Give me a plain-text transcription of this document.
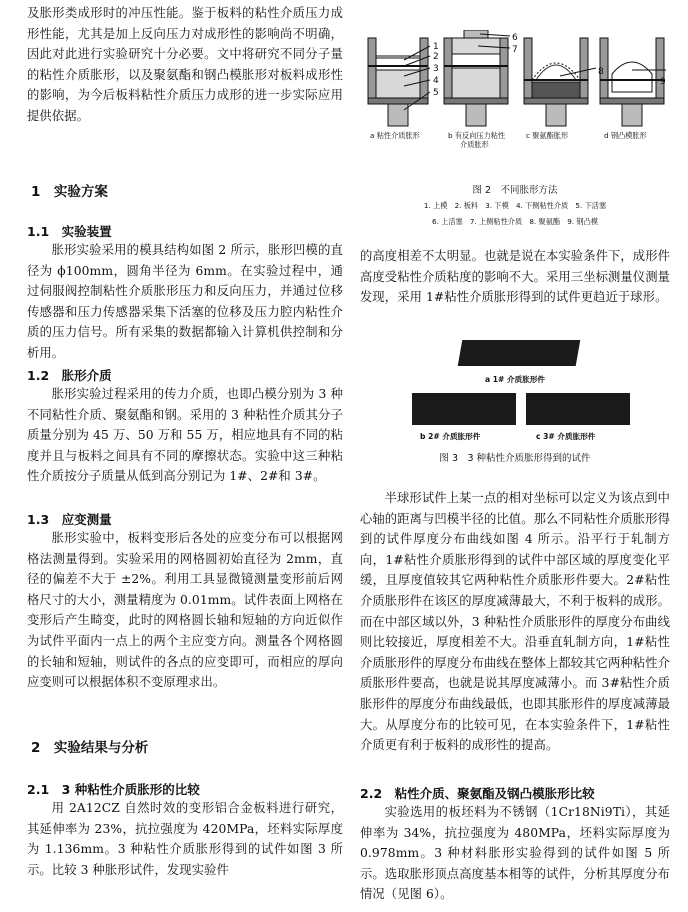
及胀形类成形时的冲压性能。鉴于板料的粘性介质压力成形性能，尤其是加上反向压力对成形性的影响尚不明确，因此对此进行实验研究十分必要。文中将研究不同分子量的粘性介质胀形，以及聚氨酯和钢凸模胀形对板料成形性的影响，为今后板料粘性介质压力成形的进一步实际应用提供依据。

1　实验方案
1.1　实验装置

胀形实验采用的模具结构如图 2 所示，胀形凹模的直径为 ϕ100mm，圆角半径为 6mm。在实验过程中，通过伺服阀控制粘性介质胀形压力和反向压力，并通过位移传感器和压力传感器采集下活塞的位移及压力腔内粘性介质的压力信号。所有采集的数据都输入计算机供控制和分析用。

1.2　胀形介质

胀形实验过程采用的传力介质，也即凸模分别为 3 种不同粘性介质、聚氨酯和钢。采用的 3 种粘性介质其分子质量分别为 45 万、50 万和 55 万，相应地具有不同的粘度并且与板料之间具有不同的摩擦状态。实验中这三种粘性介质按分子质量从低到高分别记为 1#、2#和 3#。

1.3　应变测量

胀形实验中，板料变形后各处的应变分布可以根据网格法测量得到。实验采用的网格圆初始直径为 2mm，直径的偏差不大于 ±2%。利用工具显微镜测量变形前后网格尺寸的大小，测量精度为 0.01mm。试件表面上网格在变形后产生畸变，此时的网格圆长轴和短轴的方向近似作为试件平面内一点上的两个主应变方向。测量各个网格圆的长轴和短轴，则试件的各点的应变即可，而相应的厚向应变则可以根据体积不变原理求出。

2　实验结果与分析
2.1　3 种粘性介质胀形的比较

用 2A12CZ 自然时效的变形铝合金板料进行研究，其延伸率为 23%，抗拉强度为 420MPa，坯料实际厚度为 1.136mm。3 种粘性介质胀形得到的试件如图 3 所示。比较 3 种胀形试件，发现实验件

1
2
3
4
5
6
7
8
9
a 粘性介质胀形	b 有反向压力粘性
介质胀形
c 聚氨酯胀形	d 钢凸模胀形
图 2　不同胀形方法
1. 上模　2. 板料　3. 下模　4. 下侧粘性介质　5. 下活塞
6. 上活塞　7. 上侧粘性介质　8. 聚氨酯　9. 钢凸模

的高度相差不太明显。也就是说在本实验条件下，成形件高度受粘性介质粘度的影响不大。采用三坐标测量仪测量发现，采用 1#粘性介质胀形得到的试件更趋近于球形。

a 1# 介质胀形件
b 2# 介质胀形件	c 3# 介质胀形件
图 3　3 种粘性介质胀形得到的试件

半球形试件上某一点的相对坐标可以定义为该点到中心轴的距离与凹模半径的比值。那么不同粘性介质胀形得到的试件厚度分布曲线如图 4 所示。沿平行于轧制方向，1#粘性介质胀形得到的试件中部区域的厚度变化平缓，且厚度值较其它两种粘性介质胀形件要大。2#粘性介质胀形件在该区的厚度减薄最大，不利于板料的成形。而在中部区域以外，3 种粘性介质胀形件的厚度分布曲线则比较接近，厚度相差不大。沿垂直轧制方向，1#粘性介质胀形件的厚度分布曲线在整体上都较其它两种粘性介质胀形件要高，也就是说其厚度减薄小。而 3#粘性介质胀形件的厚度分布曲线最低，也即其胀形件的厚度减薄最大。从厚度分布的比较可见，在本实验条件下，1#粘性介质更有利于板料的成形性的提高。

2.2　粘性介质、聚氨酯及钢凸模胀形比较

实验选用的板坯料为不锈钢（1Cr18Ni9Ti），其延伸率为 34%，抗拉强度为 480MPa，坯料实际厚度为 0.978mm。3 种材料胀形实验得到的试件如图 5 所示。选取胀形顶点高度基本相等的试件，分析其厚度分布情况（见图 6）。
